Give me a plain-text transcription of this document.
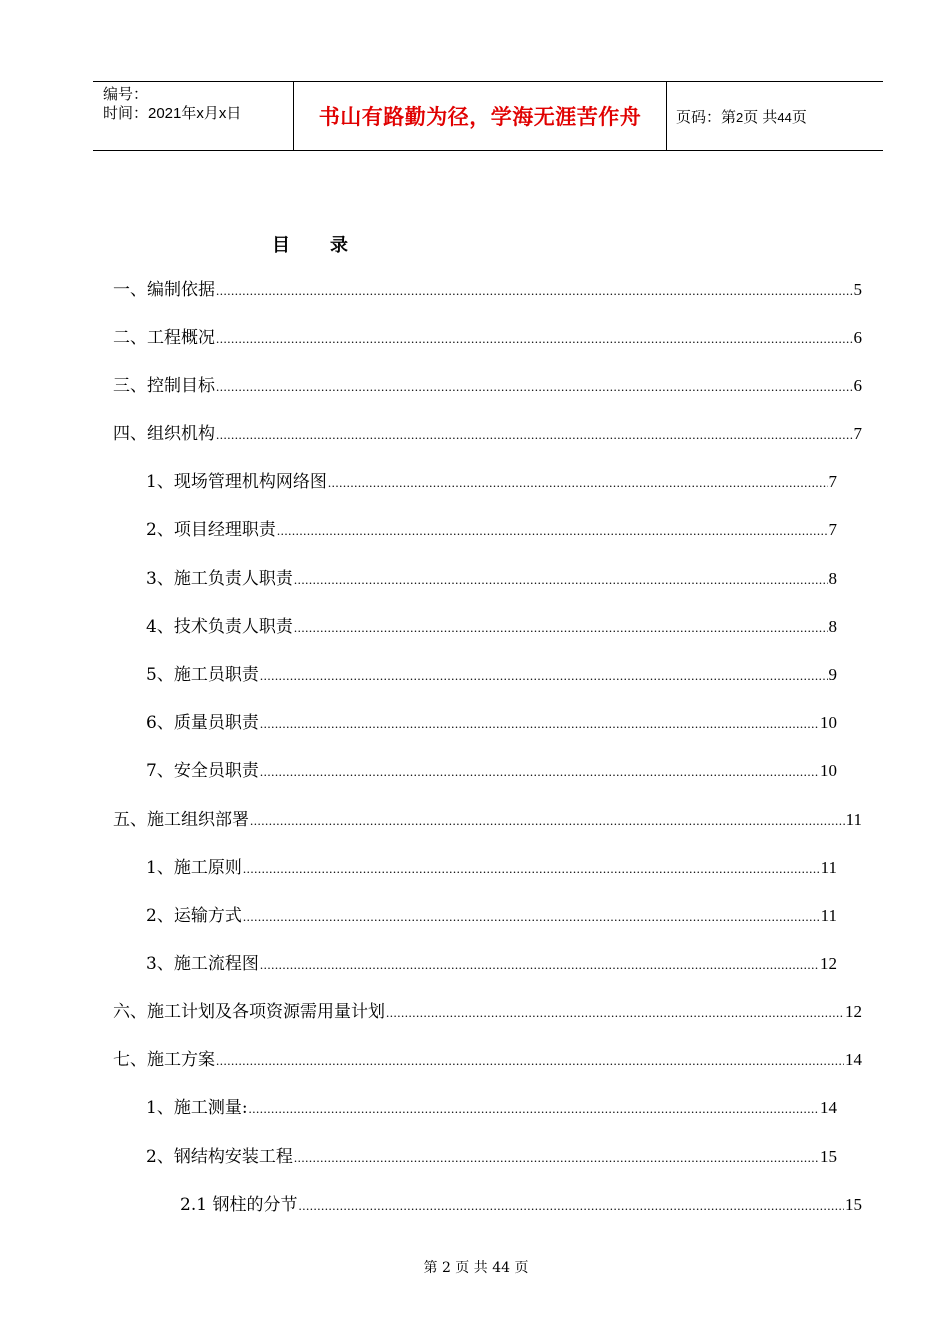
编号：
时间：2021年x月x日	书山有路勤为径，学海无涯苦作舟 页码：第2页 共44页
目 录
一、编制依据 .....	5
二、工程概况 .....	6
三、控制目标 .....	6
四、组织机构 .....	7
1、现场管理机构网络图 .....	7
2、项目经理职责 .....	7
3、施工负责人职责 .....	8
4、技术负责人职责 .....	8
5、施工员职责 .....	9
6、质量员职责 .....	10
7、安全员职责 .....	10
五、施工组织部署 .....	11
1、施工原则 .....	11
2、运输方式 .....	11
3、施工流程图 .....	12
六、施工计划及各项资源需用量计划 .....	12
七、施工方案 .....	14
1、施工测量: .....	14
2、钢结构安装工程 .....	15
2.1 钢柱的分节 .....	15
第 2 页 共 44 页
